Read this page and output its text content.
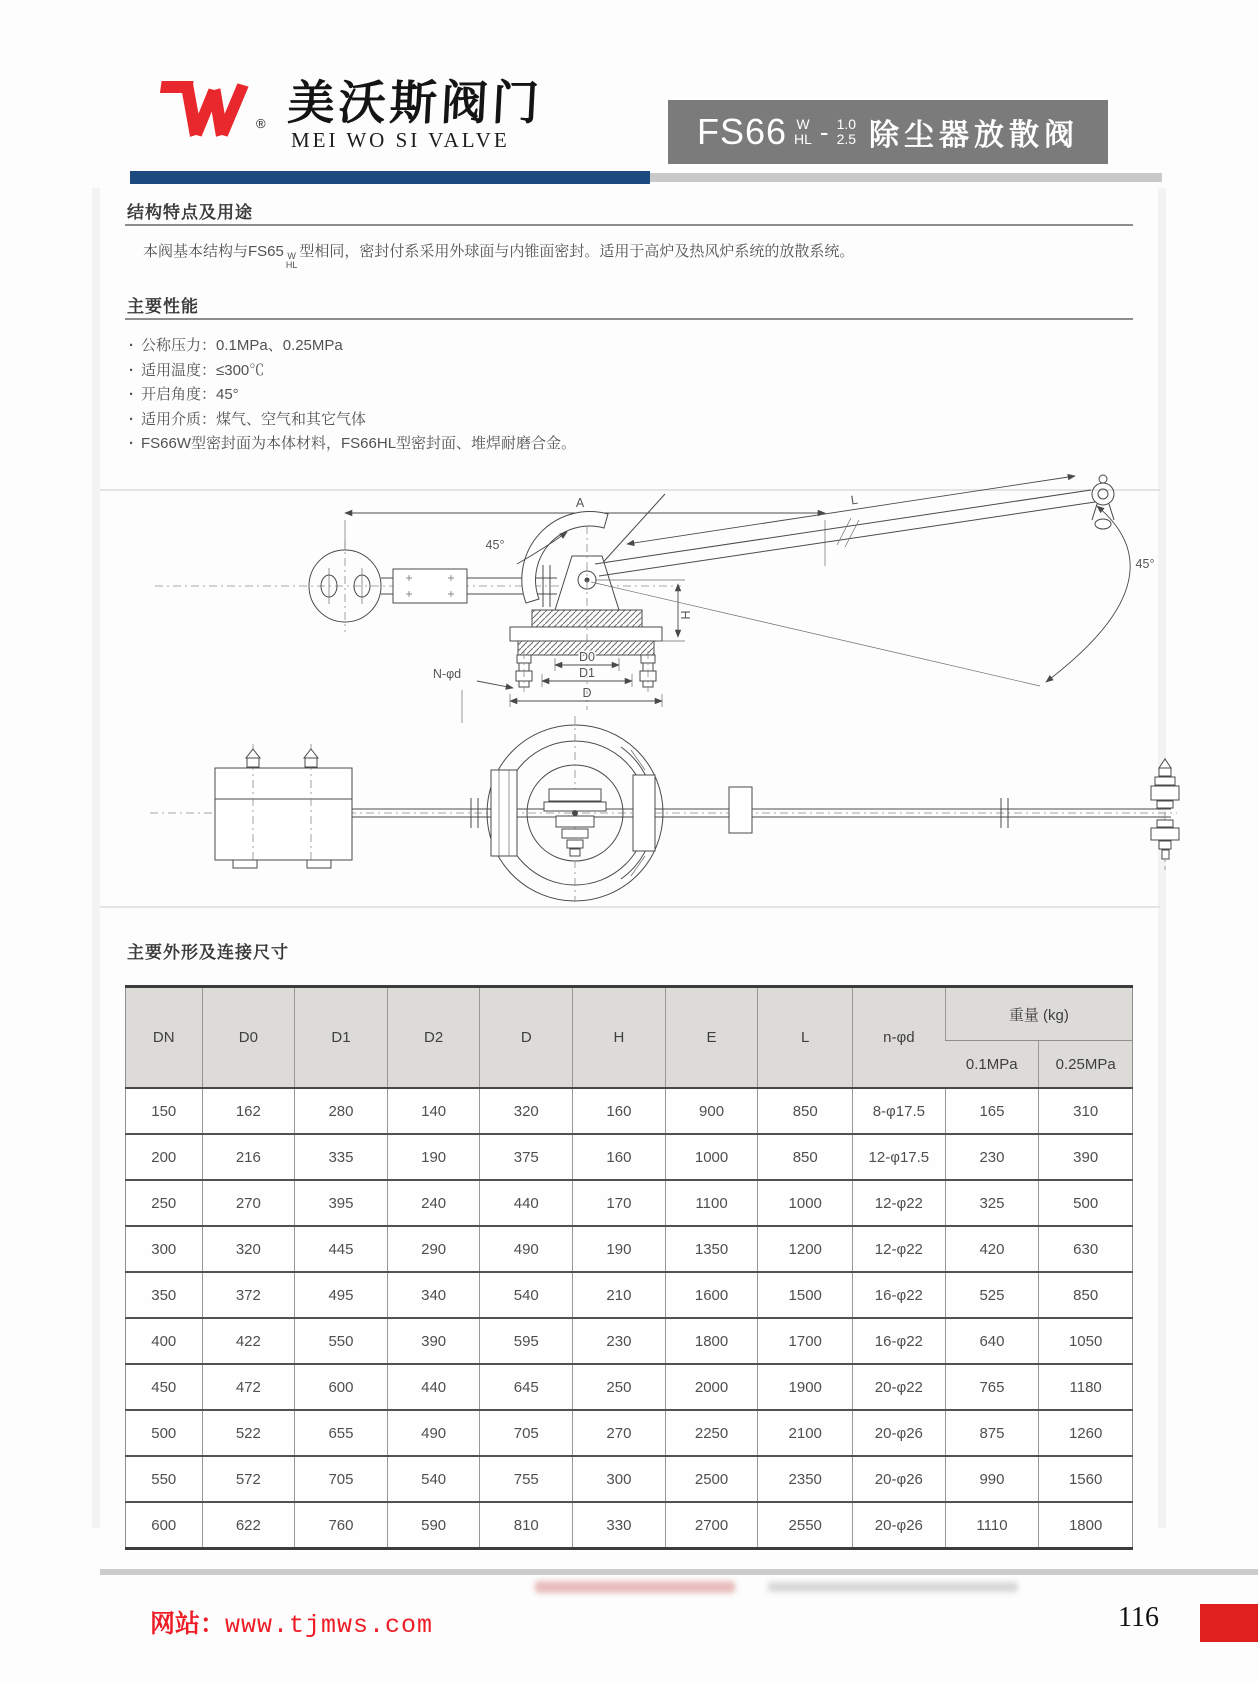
® 美沃斯阀门
MEI WO SI VALVE	FS66 W
HL - 1.0
2.5 除尘器放散阀
结构特点及用途
本阀基本结构与FS65 W
HL
型相同，密封付系采用外球面与内锥面密封。适用于高炉及热风炉系统的放散系统。
主要性能
· 公称压力：0.1MPa、0.25MPa
· 适用温度：≤300℃
· 开启角度：45°
· 适用介质：煤气、空气和其它气体
· FS66W型密封面为本体材料，FS66HL型密封面、堆焊耐磨合金。
A
45°
D0
D1
D
N-φd
H
L
45°
主要外形及连接尺寸
DN	D0	D1	D2	D	H	E	L	n-φd	重量 (kg)	
									0.1MPa	0.25MPa
150	162	280	140	320	160	900	850	8-φ17.5	165	310
200	216	335	190	375	160	1000	850	12-φ17.5	230	390
250	270	395	240	440	170	1100	1000	12-φ22	325	500
300	320	445	290	490	190	1350	1200	12-φ22	420	630
350	372	495	340	540	210	1600	1500	16-φ22	525	850
400	422	550	390	595	230	1800	1700	16-φ22	640	1050
450	472	600	440	645	250	2000	1900	20-φ22	765	1180
500	522	655	490	705	270	2250	2100	20-φ26	875	1260
550	572	705	540	755	300	2500	2350	20-φ26	990	1560
600	622	760	590	810	330	2700	2550	20-φ26	1110	1800
网站：www.tjmws.com	116
